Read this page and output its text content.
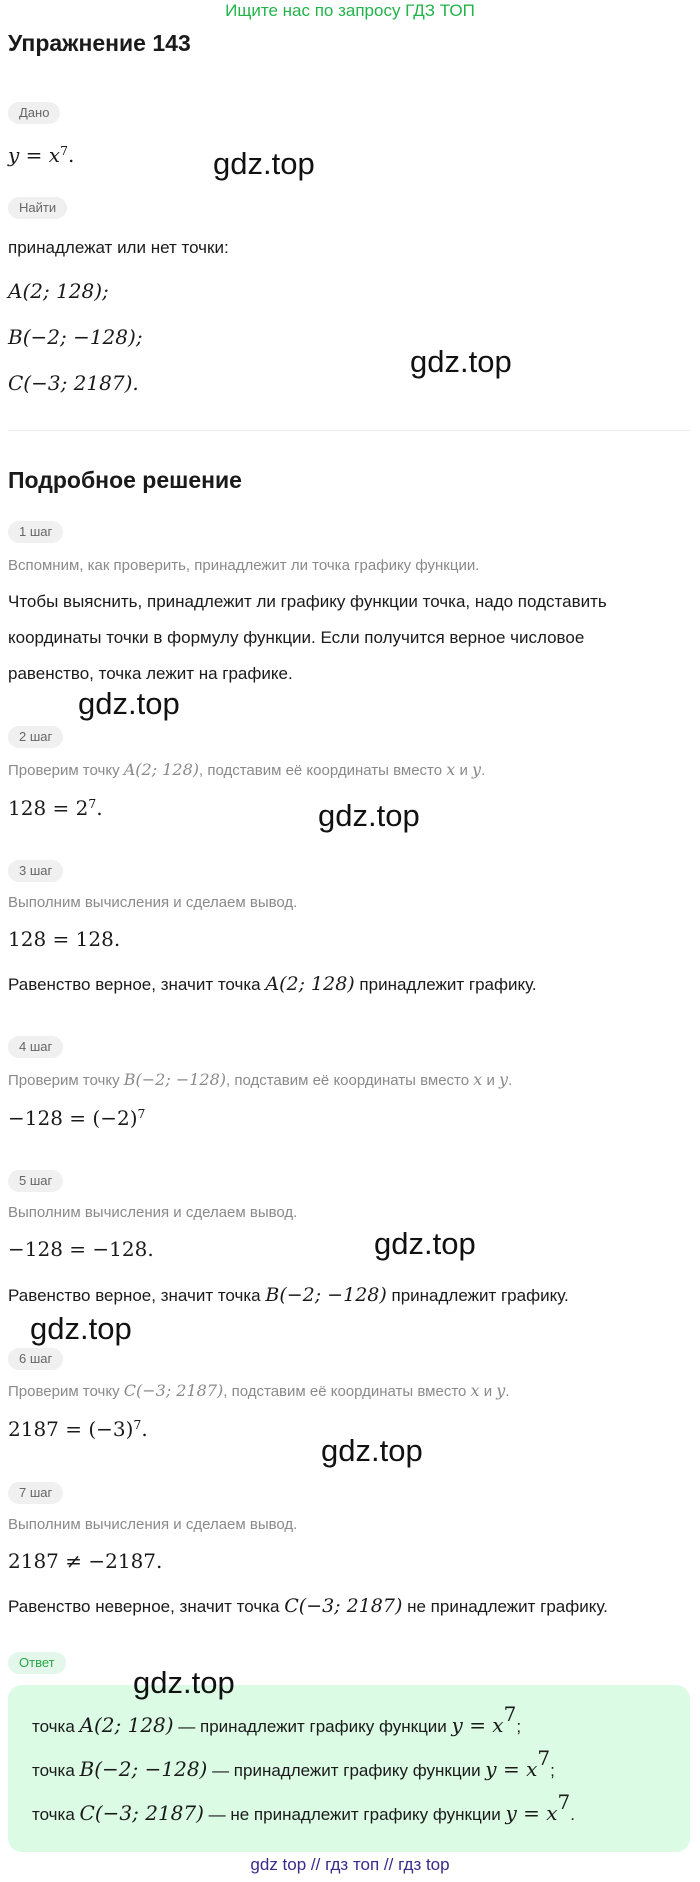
Ищите нас по запросу ГДЗ ТОП
Упражнение 143
Дано
$y = x^7$.
Найти
принадлежат или нет точки:
A(2; 128);
B(−2; −128);
C(−3; 2187).
Подробное решение
1 шаг
Вспомним, как проверить, принадлежит ли точка графику функции.
Чтобы выяснить, принадлежит ли графику функции точка, надо подставить
координаты точки в формулу функции. Если получится верное числовое
равенство, точка лежит на графике.
2 шаг
Проверим точку A(2; 128), подставим её координаты вместо x и y.
$128 = 2^7$.
3 шаг
Выполним вычисления и сделаем вывод.
128 = 128.
Равенство верное, значит точка A(2; 128) принадлежит графику.
4 шаг
Проверим точку B(−2; −128), подставим её координаты вместо x и y.
$-128 = (-2)^7$
5 шаг
Выполним вычисления и сделаем вывод.
−128 = −128.
Равенство верное, значит точка B(−2; −128) принадлежит графику.
6 шаг
Проверим точку C(−3; 2187), подставим её координаты вместо x и y.
$2187 = (-3)^7$.
7 шаг
Выполним вычисления и сделаем вывод.
2187 ≠ −2187.
Равенство неверное, значит точка C(−3; 2187) не принадлежит графику.
Ответ
точка A(2; 128) — принадлежит графику функции $y = x^7$;
точка B(−2; −128) — принадлежит графику функции $y = x^7$;
точка C(−3; 2187) — не принадлежит графику функции $y = x^7$.
gdz.top
gdz.top
gdz.top
gdz.top
gdz.top
gdz.top
gdz.top
gdz.top
gdz top // гдз топ // гдз top
